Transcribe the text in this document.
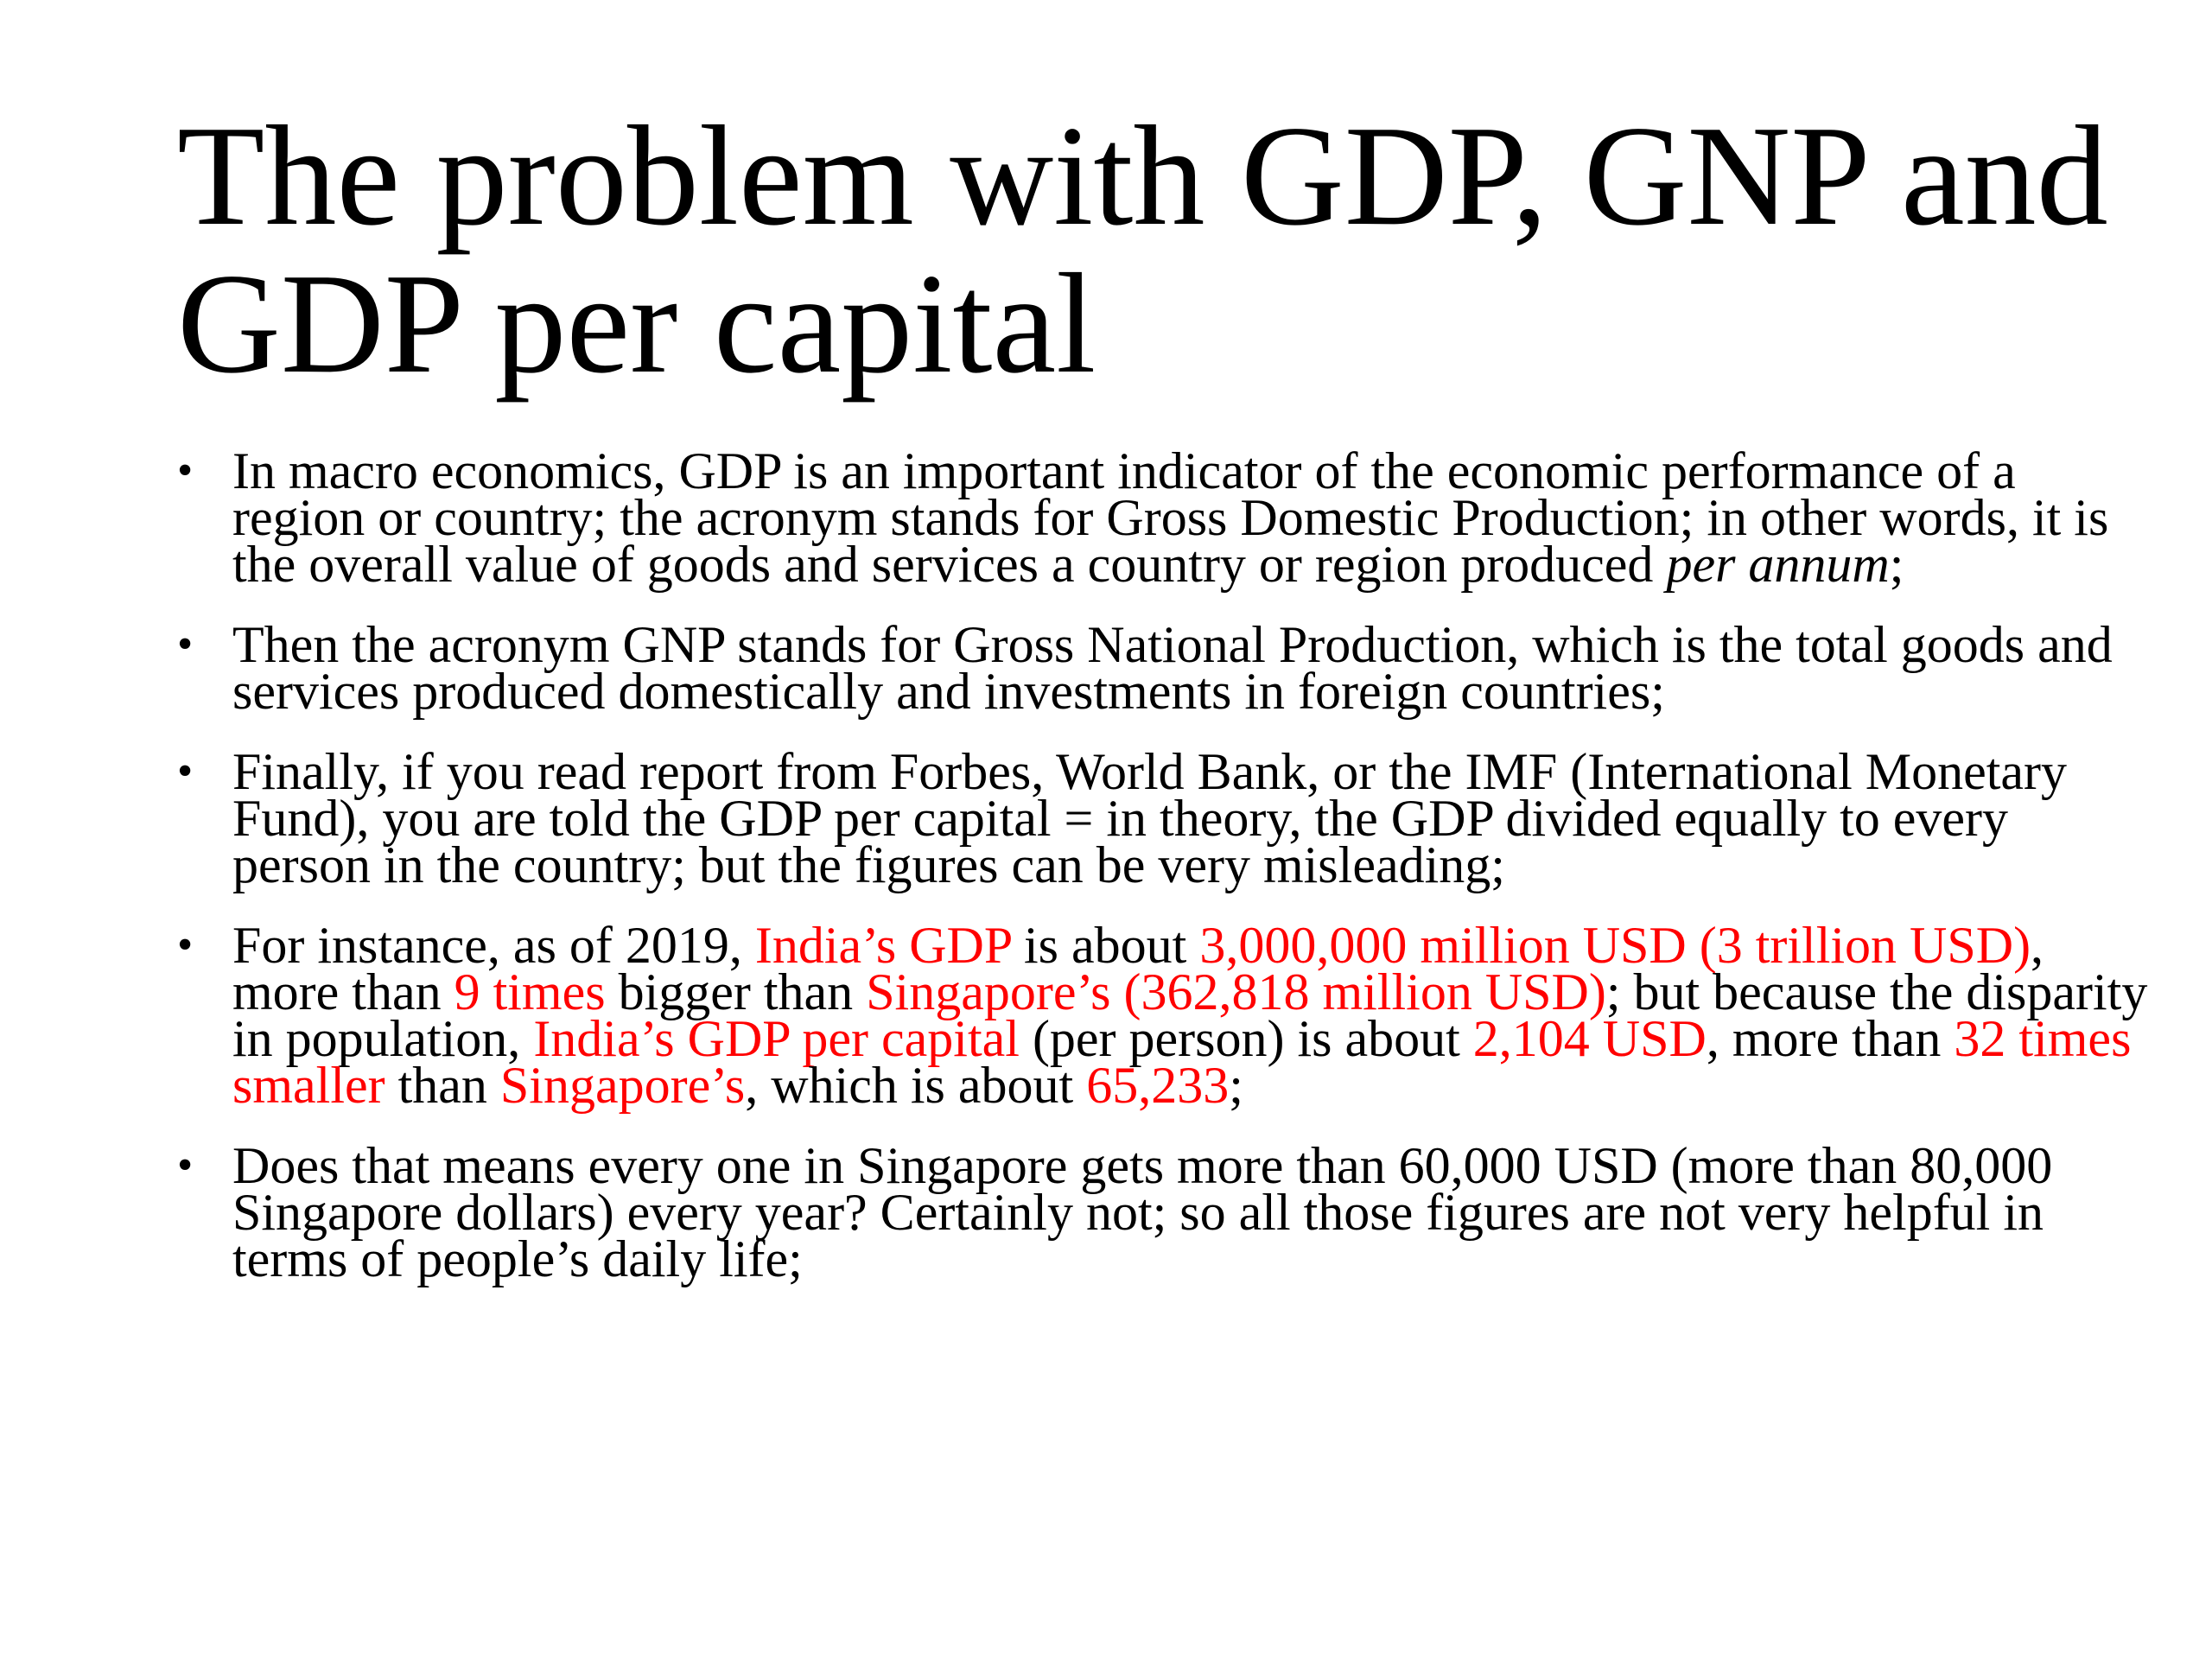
The problem with GDP, GNP and GDP per capital
• In macro economics, GDP is an important indicator of the economic performance of a region or country; the acronym stands for Gross Domestic Production; in other words, it is the overall value of goods and services a country or region produced per annum;
• Then the acronym GNP stands for Gross National Production, which is the total goods and services produced domestically and investments in foreign countries;
• Finally, if you read report from Forbes, World Bank, or the IMF (International Monetary Fund), you are told the GDP per capital = in theory, the GDP divided equally to every person in the country; but the figures can be very misleading;
• For instance, as of 2019, India’s GDP is about 3,000,000 million USD (3 trillion USD), more than 9 times bigger than Singapore’s (362,818 million USD); but because the disparity in population, India’s GDP per capital (per person) is about 2,104 USD, more than 32 times smaller than Singapore’s, which is about 65,233;
• Does that means every one in Singapore gets more than 60,000 USD (more than 80,000 Singapore dollars) every year? Certainly not; so all those figures are not very helpful in terms of people’s daily life;
